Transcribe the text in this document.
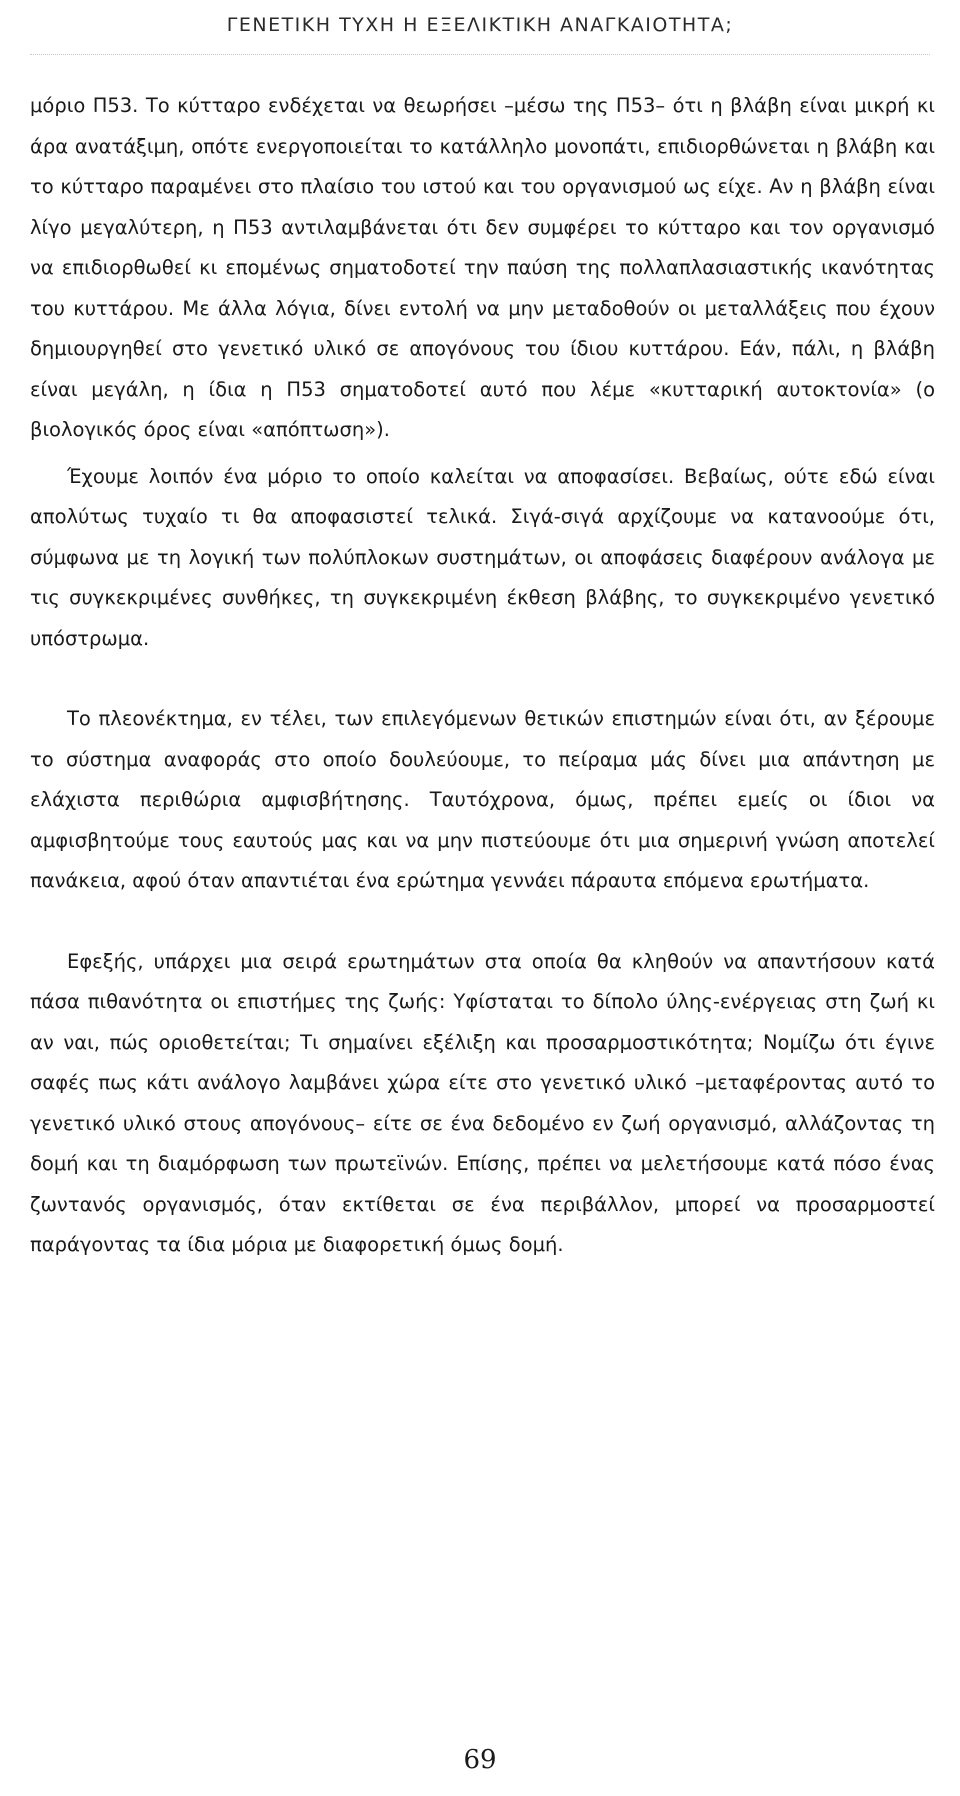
ΓΕΝΕΤΙΚΗ ΤΥΧΗ Η ΕΞΕΛΙΚΤΙΚΗ ΑΝΑΓΚΑΙΟΤΗΤΑ;

μόριο Π53. Το κύτταρο ενδέχεται να θεωρήσει –μέσω της Π53– ότι η βλάβη είναι μικρή κι άρα ανατάξιμη, οπότε ενεργοποιείται το κατάλληλο μονοπάτι, επιδιορθώνεται η βλάβη και το κύτταρο παραμένει στο πλαίσιο του ιστού και του οργανισμού ως είχε. Αν η βλάβη είναι λίγο μεγαλύτερη, η Π53 αντιλαμβάνεται ότι δεν συμφέρει το κύτταρο και τον οργανισμό να επιδιορθωθεί κι επομένως σηματοδοτεί την παύση της πολλαπλασιαστικής ικανότητας του κυττάρου. Με άλλα λόγια, δίνει εντολή να μην μεταδοθούν οι μεταλλάξεις που έχουν δημιουργηθεί στο γενετικό υλικό σε απογόνους του ίδιου κυττάρου. Εάν, πάλι, η βλάβη είναι μεγάλη, η ίδια η Π53 σηματοδοτεί αυτό που λέμε «κυτταρική αυτοκτονία» (ο βιολογικός όρος είναι «απόπτωση»).

Έχουμε λοιπόν ένα μόριο το οποίο καλείται να αποφασίσει. Βεβαίως, ούτε εδώ είναι απολύτως τυχαίο τι θα αποφασιστεί τελικά. Σιγά-σιγά αρχίζουμε να κατανοούμε ότι, σύμφωνα με τη λογική των πολύπλοκων συστημάτων, οι αποφάσεις διαφέρουν ανάλογα με τις συγκεκριμένες συνθήκες, τη συγκεκριμένη έκθεση βλάβης, το συγκεκριμένο γενετικό υπόστρωμα.

Το πλεονέκτημα, εν τέλει, των επιλεγόμενων θετικών επιστημών είναι ότι, αν ξέρουμε το σύστημα αναφοράς στο οποίο δουλεύουμε, το πείραμα μάς δίνει μια απάντηση με ελάχιστα περιθώρια αμφισβήτησης. Ταυτόχρονα, όμως, πρέπει εμείς οι ίδιοι να αμφισβητούμε τους εαυτούς μας και να μην πιστεύουμε ότι μια σημερινή γνώση αποτελεί πανάκεια, αφού όταν απαντιέται ένα ερώτημα γεννάει πάραυτα επόμενα ερωτήματα.

Εφεξής, υπάρχει μια σειρά ερωτημάτων στα οποία θα κληθούν να απαντήσουν κατά πάσα πιθανότητα οι επιστήμες της ζωής: Υφίσταται το δίπολο ύλης-ενέργειας στη ζωή κι αν ναι, πώς οριοθετείται; Τι σημαίνει εξέλιξη και προσαρμοστικότητα; Νομίζω ότι έγινε σαφές πως κάτι ανάλογο λαμβάνει χώρα είτε στο γενετικό υλικό –μεταφέροντας αυτό το γενετικό υλικό στους απογόνους– είτε σε ένα δεδομένο εν ζωή οργανισμό, αλλάζοντας τη δομή και τη διαμόρφωση των πρωτεϊνών. Επίσης, πρέπει να μελετήσουμε κατά πόσο ένας ζωντανός οργανισμός, όταν εκτίθεται σε ένα περιβάλλον, μπορεί να προσαρμοστεί παράγοντας τα ίδια μόρια με διαφορετική όμως δομή.

69
